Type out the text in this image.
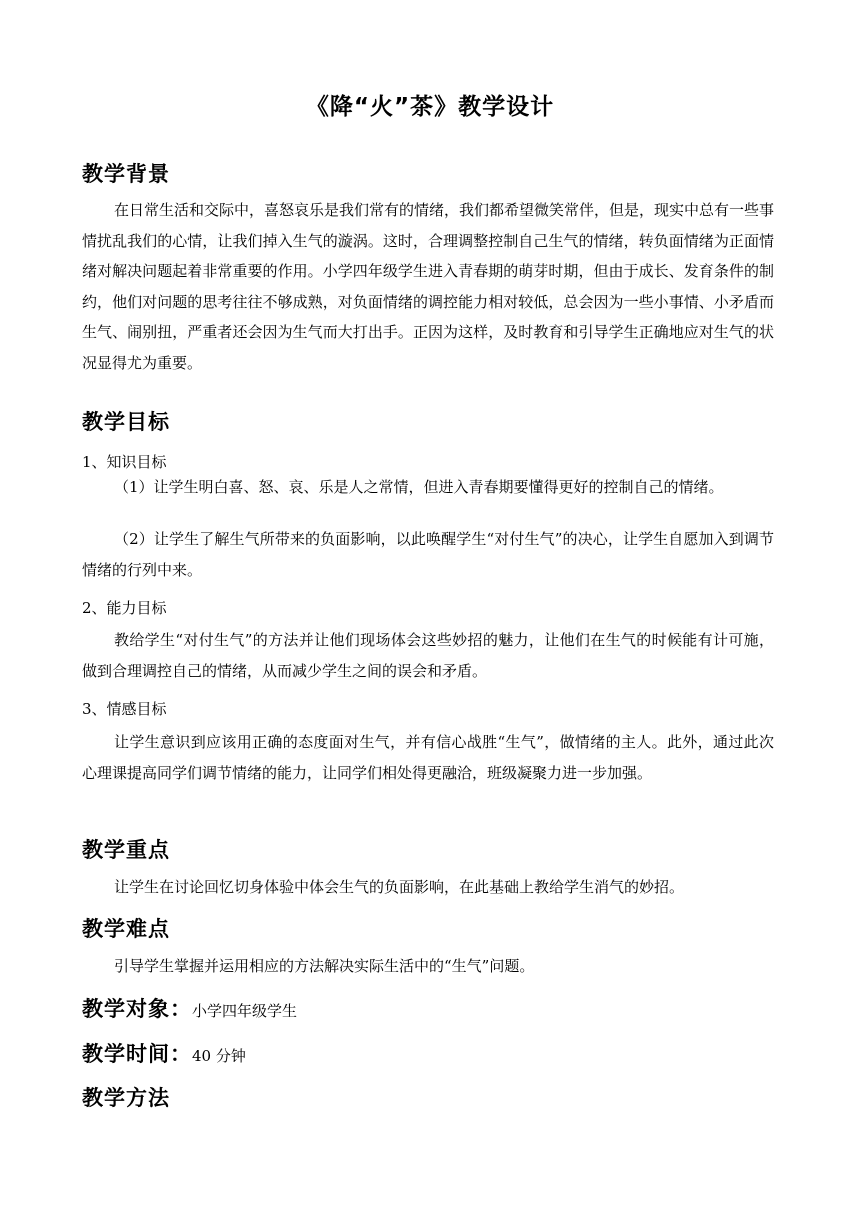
《降“火”茶》教学设计
教学背景

在日常生活和交际中，喜怒哀乐是我们常有的情绪，我们都希望微笑常伴，但是，现实中总有一些事情扰乱我们的心情，让我们掉入生气的漩涡。这时，合理调整控制自己生气的情绪，转负面情绪为正面情绪对解决问题起着非常重要的作用。小学四年级学生进入青春期的萌芽时期，但由于成长、发育条件的制约，他们对问题的思考往往不够成熟，对负面情绪的调控能力相对较低，总会因为一些小事情、小矛盾而生气、闹别扭，严重者还会因为生气而大打出手。正因为这样，及时教育和引导学生正确地应对生气的状况显得尤为重要。

教学目标
1、知识目标

（1）让学生明白喜、怒、哀、乐是人之常情，但进入青春期要懂得更好的控制自己的情绪。

（2）让学生了解生气所带来的负面影响，以此唤醒学生“对付生气”的决心，让学生自愿加入到调节情绪的行列中来。

2、能力目标

教给学生“对付生气”的方法并让他们现场体会这些妙招的魅力，让他们在生气的时候能有计可施，做到合理调控自己的情绪，从而减少学生之间的误会和矛盾。

3、情感目标

让学生意识到应该用正确的态度面对生气，并有信心战胜“生气”，做情绪的主人。此外，通过此次心理课提高同学们调节情绪的能力，让同学们相处得更融洽，班级凝聚力进一步加强。

教学重点

让学生在讨论回忆切身体验中体会生气的负面影响，在此基础上教给学生消气的妙招。

教学难点

引导学生掌握并运用相应的方法解决实际生活中的“生气”问题。

教学对象：小学四年级学生
教学时间：40 分钟
教学方法
